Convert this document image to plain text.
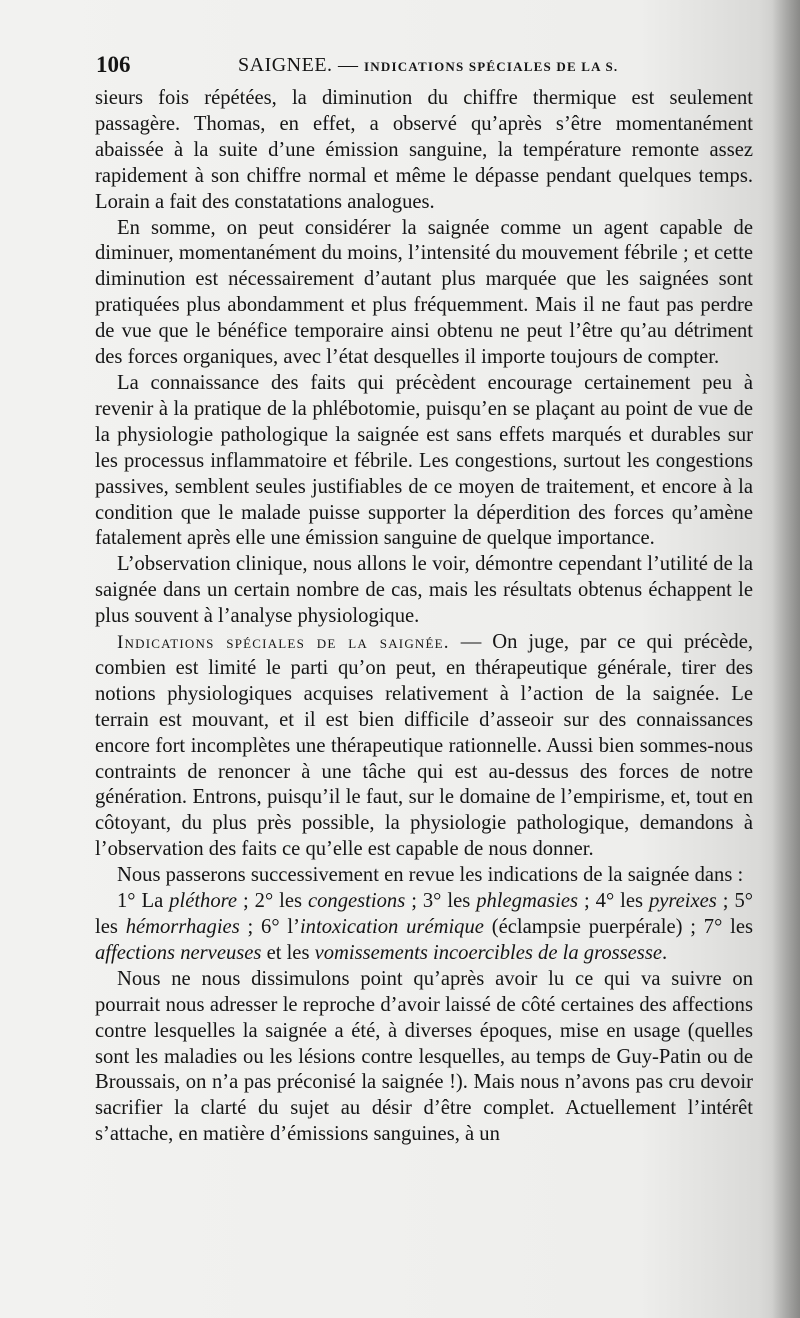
106	SAIGNEE. — INDICATIONS SPÉCIALES DE LA S.

sieurs fois répétées, la diminution du chiffre thermique est seulement passagère. Thomas, en effet, a observé qu’après s’être momentanément abaissée à la suite d’une émission sanguine, la température remonte assez rapidement à son chiffre normal et même le dépasse pendant quelques temps. Lorain a fait des constatations analogues.

En somme, on peut considérer la saignée comme un agent capable de diminuer, momentanément du moins, l’intensité du mouvement fébrile ; et cette diminution est nécessairement d’autant plus marquée que les saignées sont pratiquées plus abondamment et plus fréquemment. Mais il ne faut pas perdre de vue que le bénéfice temporaire ainsi obtenu ne peut l’être qu’au détriment des forces organiques, avec l’état desquelles il importe toujours de compter.

La connaissance des faits qui précèdent encourage certainement peu à revenir à la pratique de la phlébotomie, puisqu’en se plaçant au point de vue de la physiologie pathologique la saignée est sans effets marqués et durables sur les processus inflammatoire et fébrile. Les congestions, surtout les congestions passives, semblent seules justifiables de ce moyen de traitement, et encore à la condition que le malade puisse supporter la déperdition des forces qu’amène fatalement après elle une émission sanguine de quelque importance.

L’observation clinique, nous allons le voir, démontre cependant l’utilité de la saignée dans un certain nombre de cas, mais les résultats obtenus échappent le plus souvent à l’analyse physiologique.

Indications spéciales de la saignée. — On juge, par ce qui précède, combien est limité le parti qu’on peut, en thérapeutique générale, tirer des notions physiologiques acquises relativement à l’action de la saignée. Le terrain est mouvant, et il est bien difficile d’asseoir sur des connaissances encore fort incomplètes une thérapeutique rationnelle. Aussi bien sommes-nous contraints de renoncer à une tâche qui est au-dessus des forces de notre génération. Entrons, puisqu’il le faut, sur le domaine de l’empirisme, et, tout en côtoyant, du plus près possible, la physiologie pathologique, demandons à l’observation des faits ce qu’elle est capable de nous donner.

Nous passerons successivement en revue les indications de la saignée dans :

1° La pléthore ; 2° les congestions ; 3° les phlegmasies ; 4° les pyreixes ; 5° les hémorrhagies ; 6° l’intoxication urémique (éclampsie puerpérale) ; 7° les affections nerveuses et les vomissements incoercibles de la grossesse.

Nous ne nous dissimulons point qu’après avoir lu ce qui va suivre on pourrait nous adresser le reproche d’avoir laissé de côté certaines des affections contre lesquelles la saignée a été, à diverses époques, mise en usage (quelles sont les maladies ou les lésions contre lesquelles, au temps de Guy-Patin ou de Broussais, on n’a pas préconisé la saignée !). Mais nous n’avons pas cru devoir sacrifier la clarté du sujet au désir d’être complet. Actuellement l’intérêt s’attache, en matière d’émissions sanguines, à un
